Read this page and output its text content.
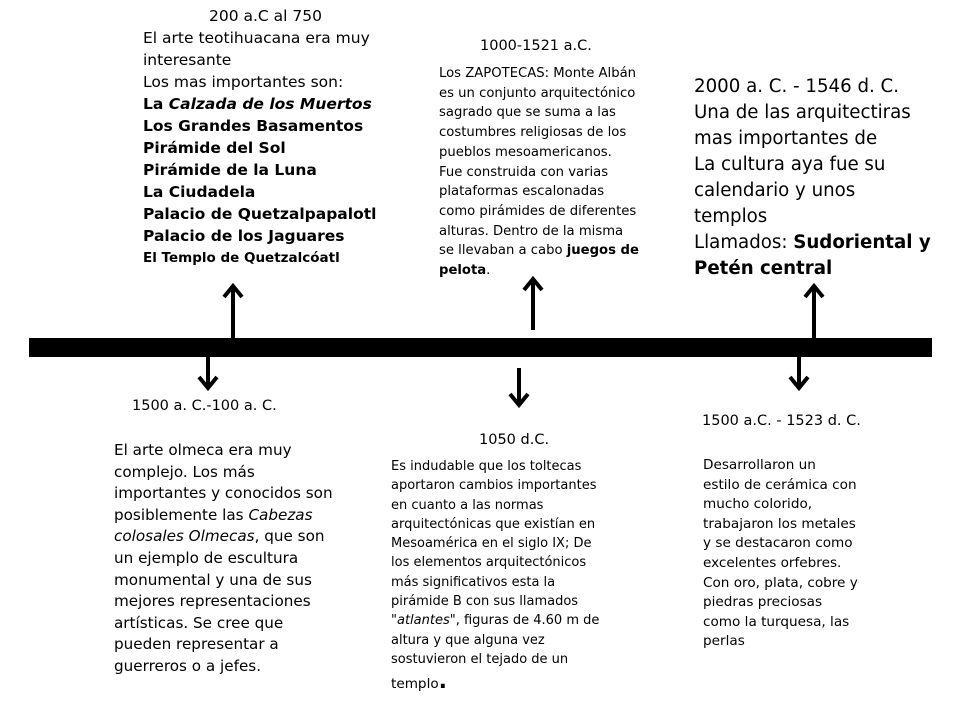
200 a.C al 750
El arte teotihuacana era muy
interesante
Los mas importantes son:
La Calzada de los Muertos
Los Grandes Basamentos
Pirámide del Sol
Pirámide de la Luna
La Ciudadela
Palacio de Quetzalpapalotl
Palacio de los Jaguares
El Templo de Quetzalcóatl
1000-1521 a.C.
Los ZAPOTECAS: Monte Albán
es un conjunto arquitectónico
sagrado que se suma a las
costumbres religiosas de los
pueblos mesoamericanos.
Fue construida con varias
plataformas escalonadas
como pirámides de diferentes
alturas. Dentro de la misma
se llevaban a cabo juegos de
pelota.
2000 a. C. - 1546 d. C.
Una de las arquitectiras
mas importantes de
La cultura aya fue su
calendario y unos
templos
Llamados: Sudoriental y
Petén central
1500 a. C.-100 a. C.
El arte olmeca era muy complejo. Los más importantes y conocidos son posiblemente las Cabezas colosales Olmecas, que son un ejemplo de escultura monumental y una de sus mejores representaciones artísticas. Se cree que pueden representar a guerreros o a jefes.
1050 d.C.
Es indudable que los toltecas
aportaron cambios importantes
en cuanto a las normas
arquitectónicas que existían en
Mesoamérica en el siglo IX; De
los elementos arquitectónicos
más significativos esta la
pirámide B con sus llamados
"atlantes", figuras de 4.60 m de
altura y que alguna vez
sostuvieron el tejado de un
templo.
1500 a.C. - 1523 d. C.
Desarrollaron un
estilo de cerámica con
mucho colorido,
trabajaron los metales
y se destacaron como
excelentes orfebres.
Con oro, plata, cobre y
piedras preciosas
como la turquesa, las
perlas
